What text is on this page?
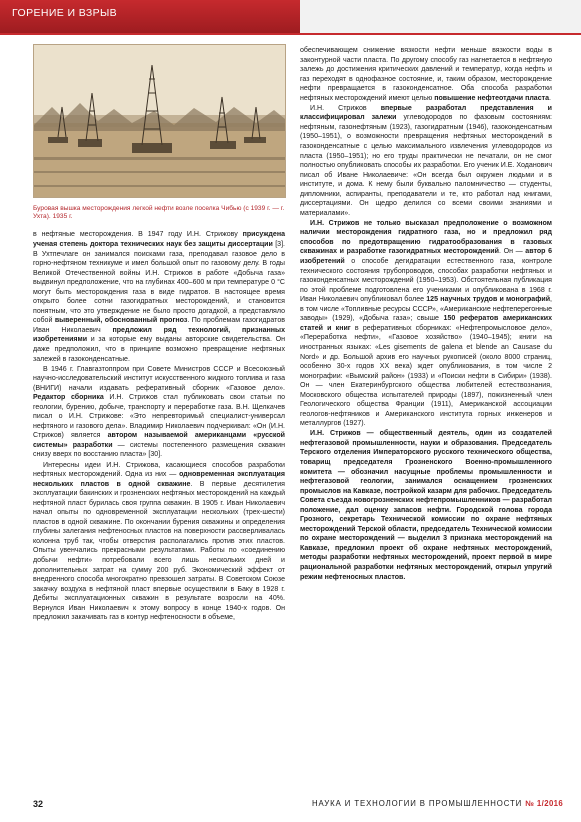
ГОРЕНИЕ И ВЗРЫВ
Буровая вышка месторождения легкой нефти возле поселка Чибью (с 1939 г. — г. Ухта). 1935 г.

в нефтяные месторождения. В 1947 году И.Н. Стрижову присуждена ученая степень доктора технических наук без защиты диссертации [3]. В Ухтпечлаге он занимался поисками газа, преподавал газовое дело в горно-нефтяном техникуме и имел большой опыт по газовому делу. В годы Великой Отечественной войны И.Н. Стрижов в работе «Добыча газа» выдвинул предположение, что на глубинах 400–600 м при температуре 0 °С могут быть месторождения газа в виде гидратов. В настоящее время открыто более сотни газогидратных месторождений, и становится понятным, что это утверждение не было просто догадкой, а представляло собой выверенный, обоснованный прогноз. По проблемам газогидратов Иван Николаевич предложил ряд технологий, признанных изобретениями и за которые ему выданы авторские свидетельства. Он даже предположил, что в принципе возможно превращение нефтяных залежей в газоконденсатные.

В 1946 г. Главгазтоппром при Совете Министров СССР и Всесоюзный научно-исследовательский институт искусственного жидкого топлива и газа (ВНИГИ) начали издавать реферативный сборник «Газовое дело». Редактор сборника И.Н. Стрижов стал публиковать свои статьи по геологии, бурению, добыче, транспорту и переработке газа. В.Н. Щелкачев писал о И.Н. Стрижове: «Это непревторимый специалист-универсал нефтяного и газового дела». Владимир Николаевич подчеркивал: «Он (И.Н. Стрижов) является автором называемой американцами «русской системы» разработки — системы постепенного размещения скважин снизу вверх по восстанию пласта» [30].

Интересны идеи И.Н. Стрижова, касающиеся способов разработки нефтяных месторождений. Одна из них — одновременная эксплуатация нескольких пластов в одной скважине. В первые десятилетия эксплуатации бакинских и грозненских нефтяных месторождений на каждый нефтяной пласт бурилась своя группа скважин. В 1905 г. Иван Николаевич начал опыты по одновременной эксплуатации нескольких (трех-шести) пластов в одной скважине. По окончании бурения скважины и определения глубины залегания нефтеносных пластов на поверхности рассверливалась колонна труб так, чтобы отверстия располагались против этих пластов. Опыты увенчались прекрасными результатами. Работы по «соединению добычи нефти» потребовали всего лишь нескольких дней и дополнительных затрат на сумму 200 руб. Экономический эффект от внедренного способа многократно превзошел затраты. В Советском Союзе закачку воздуха в нефтяной пласт впервые осуществили в Баку в 1928 г. Дебиты эксплуатационных скважин в результате возросли на 40%. Вернулся Иван Николаевич к этому вопросу в конце 1940-х годов. Он предложил закачивать газ в контур нефтеносности в объеме,

обеспечивающем снижение вязкости нефти меньше вязкости воды в законтурной части пласта. По другому способу газ нагнетается в нефтяную залежь до достижения критических давлений и температур, когда нефть и газ переходят в однофазное состояние, и, таким образом, месторождение нефти превращается в газоконденсатное. Оба способа разработки нефтяных месторождений имеют целью повышение нефтеотдачи пласта.

И.Н. Стрижов впервые разработал представления и классифицировал залежи углеводородов по фазовым состояниям: нефтяным, газонефтяным (1923), газогидратным (1946), газоконденсатным (1950–1951), о возможности превращения нефтяных месторождений в газоконденсатные с целью максимального извлечения углеводородов из пласта (1950–1951); но его труды практически не печатали, он не смог полностью опубликовать способы их разработки. Его ученик И.Е. Ходанович писал об Иване Николаевиче: «Он всегда был окружен людьми и в институте, и дома. К нему были буквально паломничество — студенты, дипломники, аспиранты, преподаватели и те, кто работал над книгами, диссертациями. Он щедро делился со всеми своими знаниями и материалами».

И.Н. Стрижов не только высказал предположение о возможном наличии месторождения гидратного газа, но и предложил ряд способов по предотвращению гидратообразования в газовых скважинах и разработке газогидратных месторождений. Он — автор 6 изобретений о способе дегидратации естественного газа, контроле технического состояния трубопроводов, способах разработки нефтяных и газоконденсатных месторождений (1950–1953). Обстоятельная публикация по этой проблеме подготовлена его учениками и опубликована в 1968 г. Иван Николаевич опубликовал более 125 научных трудов и монографий, в том числе «Топливные ресурсы СССР», «Американские нефтеперегонные заводы» (1929), «Добыча газа»; свыше 150 рефератов американских статей и книг в реферативных сборниках: «Нефтепромысловое дело», «Переработка нефти», «Газовое хозяйство» (1940–1945); книги на иностранных языках: «Les gisements de galena et blende an Causase du Nord» и др. Большой архив его научных рукописей (около 8000 страниц, особенно 30-х годов XX века) ждет опубликования, в том числе 2 монографии: «Вымский район» (1933) и «Поиски нефти в Сибири» (1938). Он — член Екатеринбургского общества любителей естествознания, Московского общества испытателей природы (1897), пожизненный член Геологического общества Франции (1911), Американской ассоциации геологов-нефтяников и Американского института горных инженеров и металлургов (1927).

И.Н. Стрижов — общественный деятель, один из создателей нефтегазовой промышленности, науки и образования. Председатель Терского отделения Императорского русского технического общества, товарищ председателя Грозненского Военно-промышленного комитета — обозначил насущные проблемы промышленности и нефтегазовой геологии, занимался оснащением грозненских промыслов на Кавказе, постройкой казарм для рабочих. Председатель Совета съезда новогрозненских нефтепромышленников — разработал положение, дал оценку запасов нефти. Городской голова города Грозного, секретарь Технической комиссии по охране нефтяных месторождений Терской области, председатель Технической комиссии по охране месторождений — выделил 3 признака месторождений на Кавказе, предложил проект об охране нефтяных месторождений, методы разработки нефтяных месторождений, проект первой в мире рациональной разработки нефтяных месторождений, открыл упругий режим нефтеносных пластов.

32	НАУКА И ТЕХНОЛОГИИ В ПРОМЫШЛЕННОСТИ № 1/2016
